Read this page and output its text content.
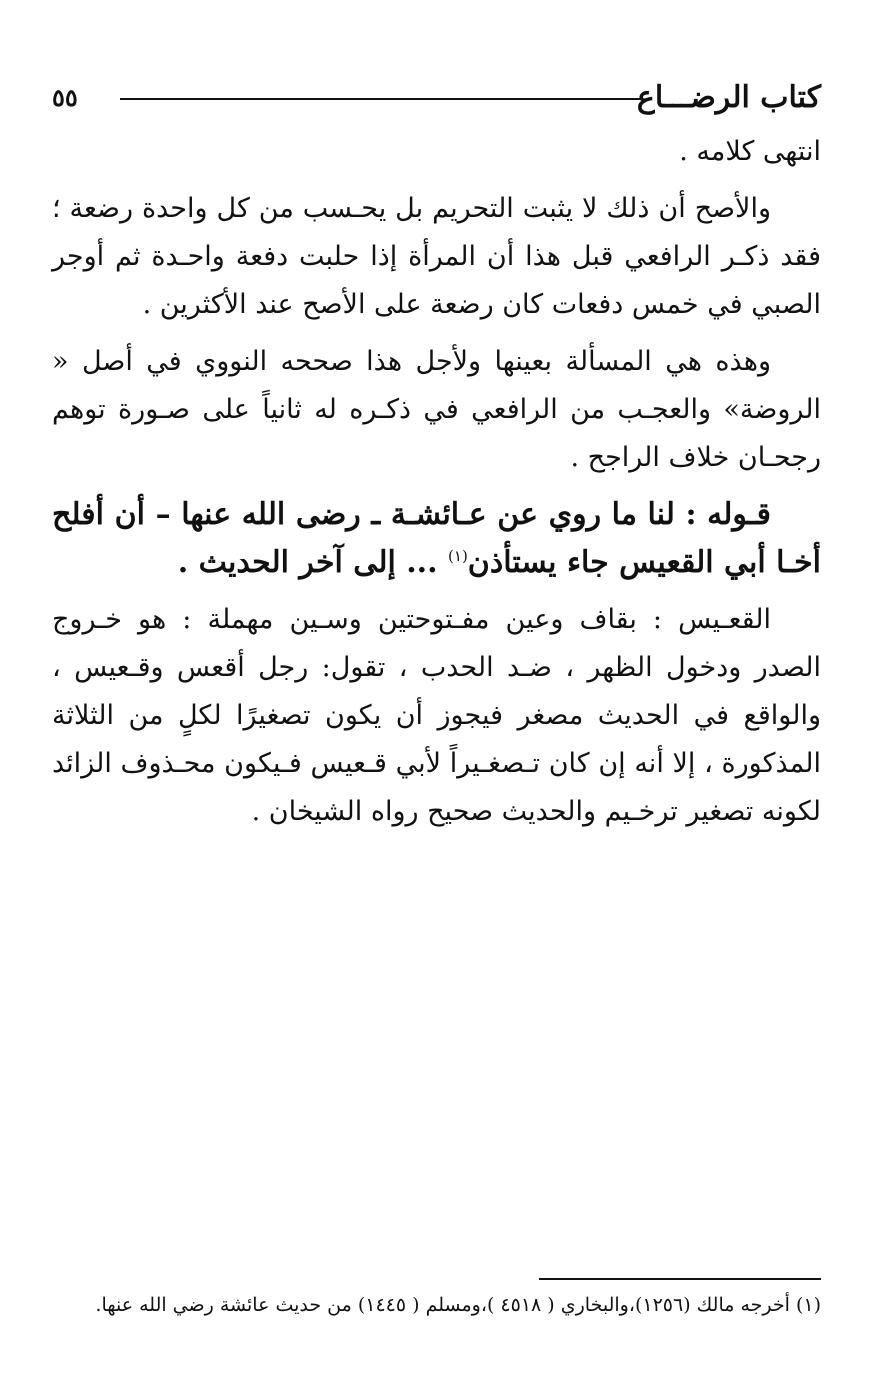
كتاب الرضـــاع
٥٥

انتهى كلامه .

والأصح أن ذلك لا يثبت التحريم بل يحـسب من كل واحدة رضعة ؛ فقد ذكـر الرافعي قبل هذا أن المرأة إذا حلبت دفعة واحـدة ثم أوجر الصبي في خمس دفعات كان رضعة على الأصح عند الأكثرين .

وهذه هي المسألة بعينها ولأجل هذا صححه النووي في أصل « الروضة» والعجـب من الرافعي في ذكـره له ثانياً على صـورة توهم رجحـان خلاف الراجح .

قـوله : لنا ما روي عن عـائشـة ـ رضى الله عنها – أن أفلح أخـا أبي القعيس جاء يستأذن$^{(١)}$ ... إلى آخر الحديث .

القعـيس : بقاف وعين مفـتوحتين وسـين مهملة : هو خـروج الصدر ودخول الظهر ، ضـد الحدب ، تقول: رجل أقعس وقـعيس ، والواقع في الحديث مصغر فيجوز أن يكون تصغيرًا لكلٍ من الثلاثة المذكورة ، إلا أنه إن كان تـصغـيراً لأبي قـعيس فـيكون محـذوف الزائد لكونه تصغير ترخـيم والحديث صحيح رواه الشيخان .

(١) أخرجه مالك (١٢٥٦)،والبخاري ( ٤٥١٨ )،ومسلم ( ١٤٤٥) من حديث عائشة رضي الله عنها.
